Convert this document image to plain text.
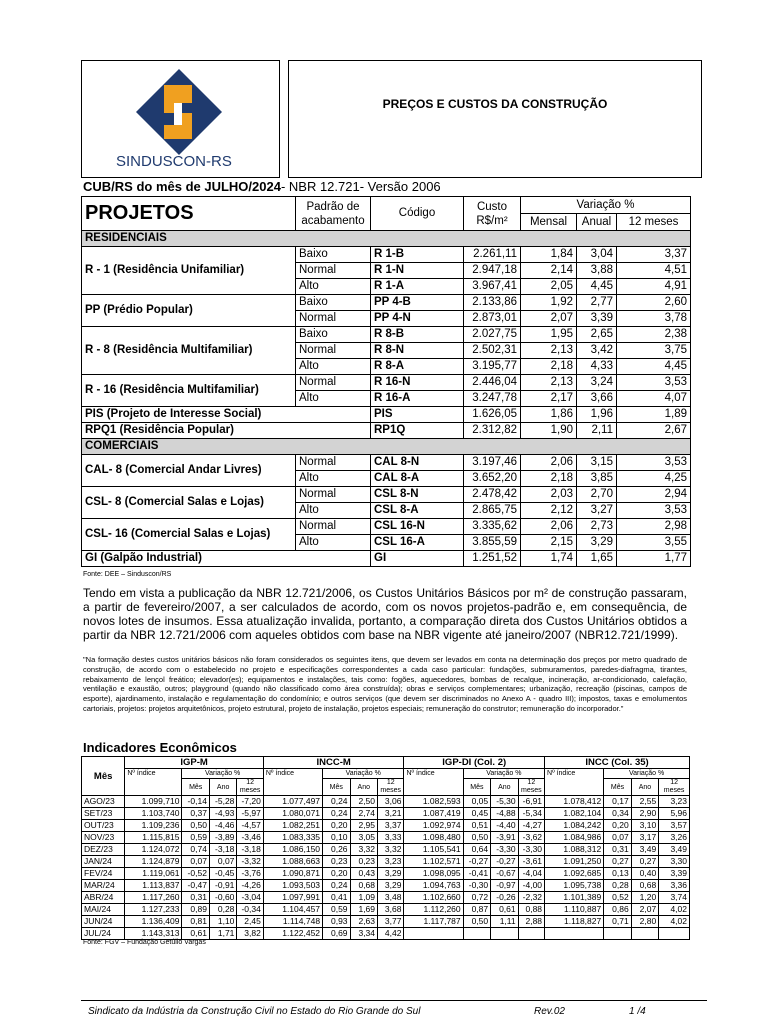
SINDUSCON-RS
PREÇOS E CUSTOS DA CONSTRUÇÃO
CUB/RS do mês de JULHO/2024- NBR 12.721- Versão 2006
PROJETOS	Padrão de acabamento	Código	Custo R$/m²	Variação %		
				Mensal	Anual	12 meses
RESIDENCIAIS						
R - 1 (Residência Unifamiliar)	Baixo	R 1-B	2.261,11	1,84	3,04	3,37
	Normal	R 1-N	2.947,18	2,14	3,88	4,51
	Alto	R 1-A	3.967,41	2,05	4,45	4,91
PP (Prédio Popular)	Baixo	PP 4-B	2.133,86	1,92	2,77	2,60
	Normal	PP 4-N	2.873,01	2,07	3,39	3,78
R - 8 (Residência Multifamiliar)	Baixo	R 8-B	2.027,75	1,95	2,65	2,38
	Normal	R 8-N	2.502,31	2,13	3,42	3,75
	Alto	R 8-A	3.195,77	2,18	4,33	4,45
R - 16 (Residência Multifamiliar)	Normal	R 16-N	2.446,04	2,13	3,24	3,53
	Alto	R 16-A	3.247,78	2,17	3,66	4,07
PIS (Projeto de Interesse Social)		PIS	1.626,05	1,86	1,96	1,89
RPQ1 (Residência Popular)		RP1Q	2.312,82	1,90	2,11	2,67
COMERCIAIS						
CAL- 8 (Comercial Andar Livres)	Normal	CAL 8-N	3.197,46	2,06	3,15	3,53
	Alto	CAL 8-A	3.652,20	2,18	3,85	4,25
CSL- 8 (Comercial Salas e Lojas)	Normal	CSL 8-N	2.478,42	2,03	2,70	2,94
	Alto	CSL 8-A	2.865,75	2,12	3,27	3,53
CSL- 16 (Comercial Salas e Lojas)	Normal	CSL 16-N	3.335,62	2,06	2,73	2,98
	Alto	CSL 16-A	3.855,59	2,15	3,29	3,55
GI (Galpão Industrial)		GI	1.251,52	1,74	1,65	1,77
Fonte: DEE – Sinduscon/RS
Tendo em vista a publicação da NBR 12.721/2006, os Custos Unitários Básicos por m² de construção passaram, a partir de fevereiro/2007, a ser calculados de acordo, com os novos projetos-padrão e, em consequência, de novos lotes de insumos. Essa atualização invalida, portanto, a comparação direta dos Custos Unitários obtidos a partir da NBR 12.721/2006 com aqueles obtidos com base na NBR vigente até janeiro/2007 (NBR12.721/1999).
"Na formação destes custos unitários básicos não foram considerados os seguintes itens, que devem ser levados em conta na determinação dos preços por metro quadrado de construção, de acordo com o estabelecido no projeto e especificações correspondentes a cada caso particular: fundações, submuramentos, paredes-diafragma, tirantes, rebaixamento de lençol freático; elevador(es); equipamentos e instalações, tais como: fogões, aquecedores, bombas de recalque, incineração, ar-condicionado, calefação, ventilação e exaustão, outros; playground (quando não classificado como área construída); obras e serviços complementares; urbanização, recreação (piscinas, campos de esporte), ajardinamento, instalação e regulamentação do condomínio; e outros serviços (que devem ser discriminados no Anexo A - quadro III); impostos, taxas e emolumentos cartoriais, projetos: projetos arquitetônicos, projeto estrutural, projeto de instalação, projetos especiais; remuneração do construtor; remuneração do incorporador."
Indicadores Econômicos
Mês	IGP-M				INCC-M				IGP-DI (Col. 2)				INCC (Col. 35)			
	Nº índice	Variação %			Nº índice	Variação %			Nº índice	Variação %			Nº índice	Variação %		
		Mês	Ano	12 meses		Mês	Ano	12 meses		Mês	Ano	12 meses		Mês	Ano	12 meses
AGO/23	1.099,710	-0,14	-5,28	-7,20	1.077,497	0,24	2,50	3,06	1.082,593	0,05	-5,30	-6,91	1.078,412	0,17	2,55	3,23
SET/23	1.103,740	0,37	-4,93	-5,97	1.080,071	0,24	2,74	3,21	1.087,419	0,45	-4,88	-5,34	1.082,104	0,34	2,90	5,96
OUT/23	1.109,236	0,50	-4,46	-4,57	1.082,251	0,20	2,95	3,37	1.092,974	0,51	-4,40	-4,27	1.084,242	0,20	3,10	3,57
NOV/23	1.115,815	0,59	-3,89	-3,46	1.083,335	0,10	3,05	3,33	1.098,480	0,50	-3,91	-3,62	1.084,986	0,07	3,17	3,26
DEZ/23	1.124,072	0,74	-3,18	-3,18	1.086,150	0,26	3,32	3,32	1.105,541	0,64	-3,30	-3,30	1.088,312	0,31	3,49	3,49
JAN/24	1.124,879	0,07	0,07	-3,32	1.088,663	0,23	0,23	3,23	1.102,571	-0,27	-0,27	-3,61	1.091,250	0,27	0,27	3,30
FEV/24	1.119,061	-0,52	-0,45	-3,76	1.090,871	0,20	0,43	3,29	1.098,095	-0,41	-0,67	-4,04	1.092,685	0,13	0,40	3,39
MAR/24	1.113,837	-0,47	-0,91	-4,26	1.093,503	0,24	0,68	3,29	1.094,763	-0,30	-0,97	-4,00	1.095,738	0,28	0,68	3,36
ABR/24	1.117,260	0,31	-0,60	-3,04	1.097,991	0,41	1,09	3,48	1.102,660	0,72	-0,26	-2,32	1.101,389	0,52	1,20	3,74
MAI/24	1.127,233	0,89	0,28	-0,34	1.104,457	0,59	1,69	3,68	1.112,260	0,87	0,61	0,88	1.110,887	0,86	2,07	4,02
JUN/24	1.136,409	0,81	1,10	2,45	1.114,748	0,93	2,63	3,77	1.117,787	0,50	1,11	2,88	1.118,827	0,71	2,80	4,02
JUL/24	1.143,313	0,61	1,71	3,82	1.122,452	0,69	3,34	4,42								
Fonte: FGV – Fundação Getúlio Vargas
Sindicato da Indústria da Construção Civil no Estado do Rio Grande do Sul	Rev.02	1 /4
